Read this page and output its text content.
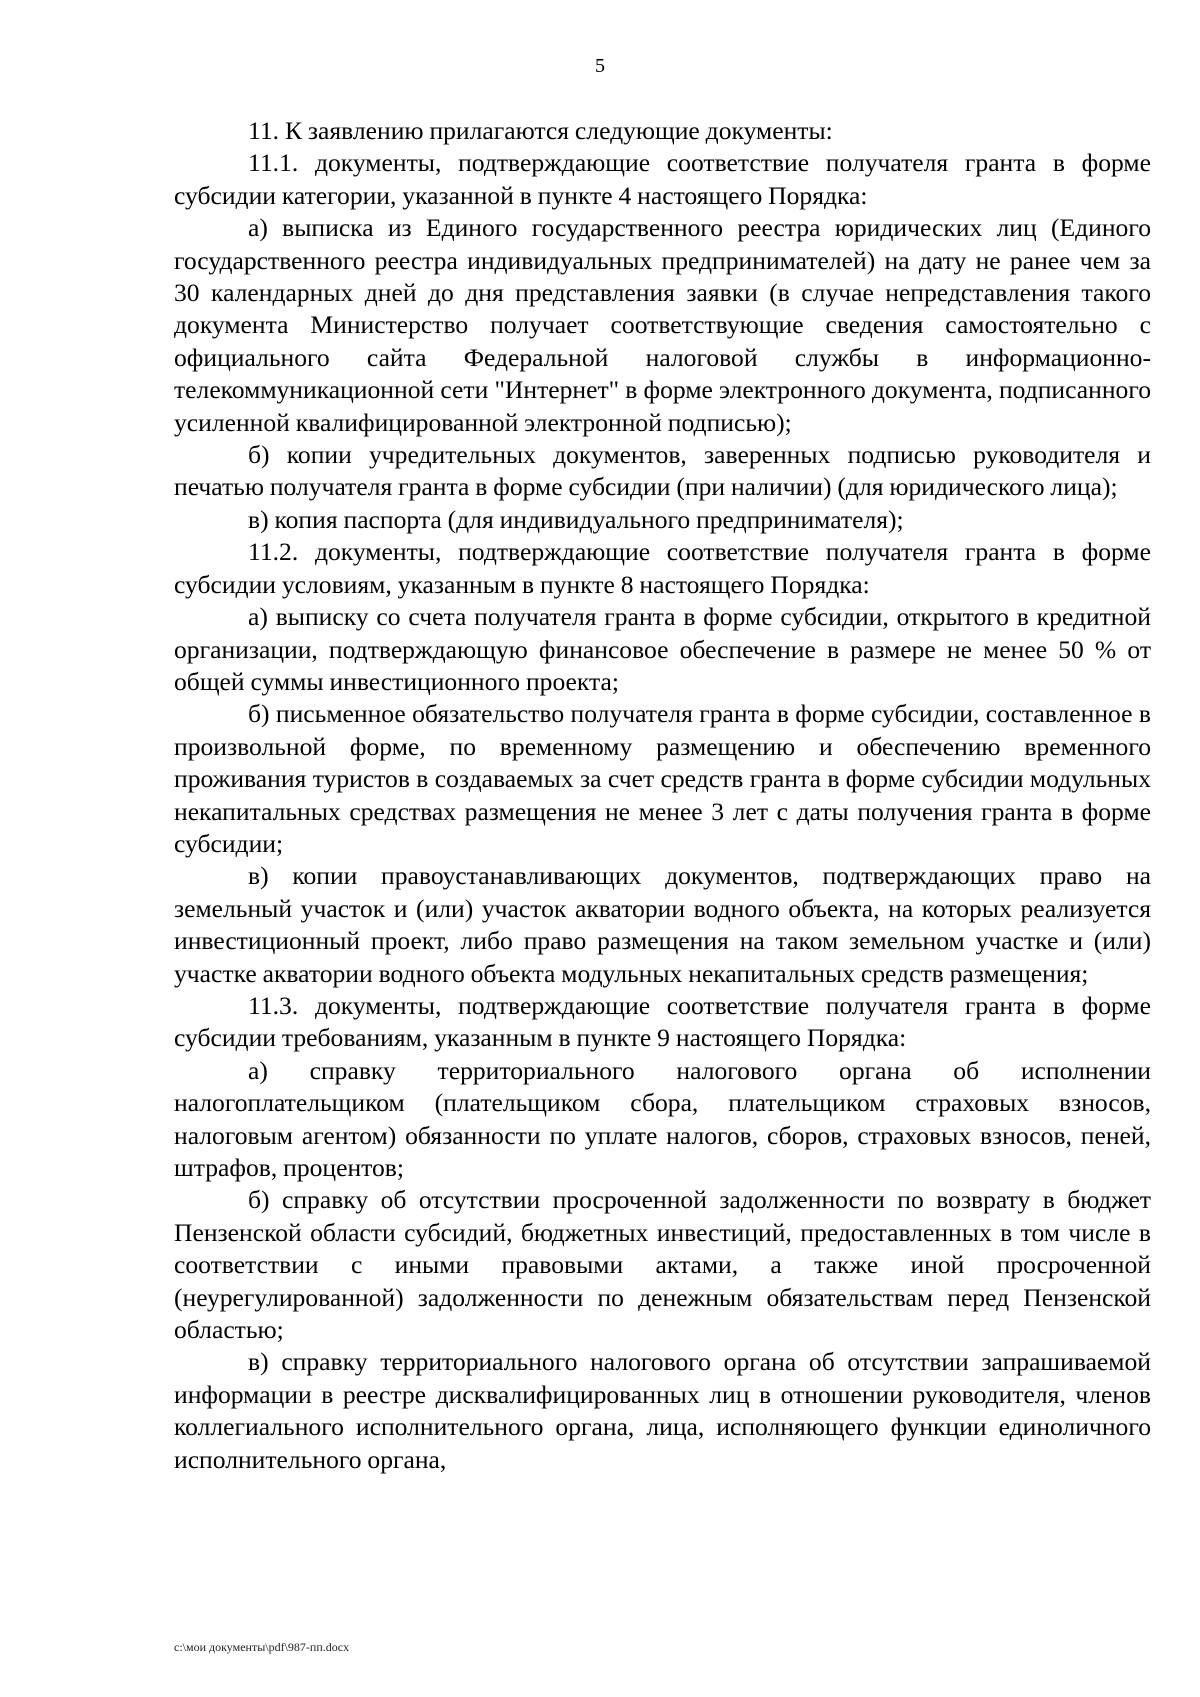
5

11. К заявлению прилагаются следующие документы:

11.1. документы, подтверждающие соответствие получателя гранта в форме субсидии категории, указанной в пункте 4 настоящего Порядка:

а) выписка из Единого государственного реестра юридических лиц (Единого государственного реестра индивидуальных предпринимателей) на дату не ранее чем за 30 календарных дней до дня представления заявки (в случае непредставления такого документа Министерство получает соответствующие сведения самостоятельно с официального сайта Федеральной налоговой службы в информационно-телекоммуникационной сети "Интернет" в форме электронного документа, подписанного усиленной квалифицированной электронной подписью);

б) копии учредительных документов, заверенных подписью руководителя и печатью получателя гранта в форме субсидии (при наличии) (для юридического лица);

в) копия паспорта (для индивидуального предпринимателя);

11.2. документы, подтверждающие соответствие получателя гранта в форме субсидии условиям, указанным в пункте 8 настоящего Порядка:

а) выписку со счета получателя гранта в форме субсидии, открытого в кредитной организации, подтверждающую финансовое обеспечение в размере не менее 50 % от общей суммы инвестиционного проекта;

б) письменное обязательство получателя гранта в форме субсидии, составленное в произвольной форме, по временному размещению и обеспечению временного проживания туристов в создаваемых за счет средств гранта в форме субсидии модульных некапитальных средствах размещения не менее 3 лет с даты получения гранта в форме субсидии;

в) копии правоустанавливающих документов, подтверждающих право на земельный участок и (или) участок акватории водного объекта, на которых реализуется инвестиционный проект, либо право размещения на таком земельном участке и (или) участке акватории водного объекта модульных некапитальных средств размещения;

11.3. документы, подтверждающие соответствие получателя гранта в форме субсидии требованиям, указанным в пункте 9 настоящего Порядка:

а) справку территориального налогового органа об исполнении налогоплательщиком (плательщиком сбора, плательщиком страховых взносов, налоговым агентом) обязанности по уплате налогов, сборов, страховых взносов, пеней, штрафов, процентов;

б) справку об отсутствии просроченной задолженности по возврату в бюджет Пензенской области субсидий, бюджетных инвестиций, предоставленных в том числе в соответствии с иными правовыми актами, а также иной просроченной (неурегулированной) задолженности по денежным обязательствам перед Пензенской областью;

в) справку территориального налогового органа об отсутствии запрашиваемой информации в реестре дисквалифицированных лиц в отношении руководителя, членов коллегиального исполнительного органа, лица, исполняющего функции единоличного исполнительного органа,

c:\мои документы\pdf\987-пп.docx
